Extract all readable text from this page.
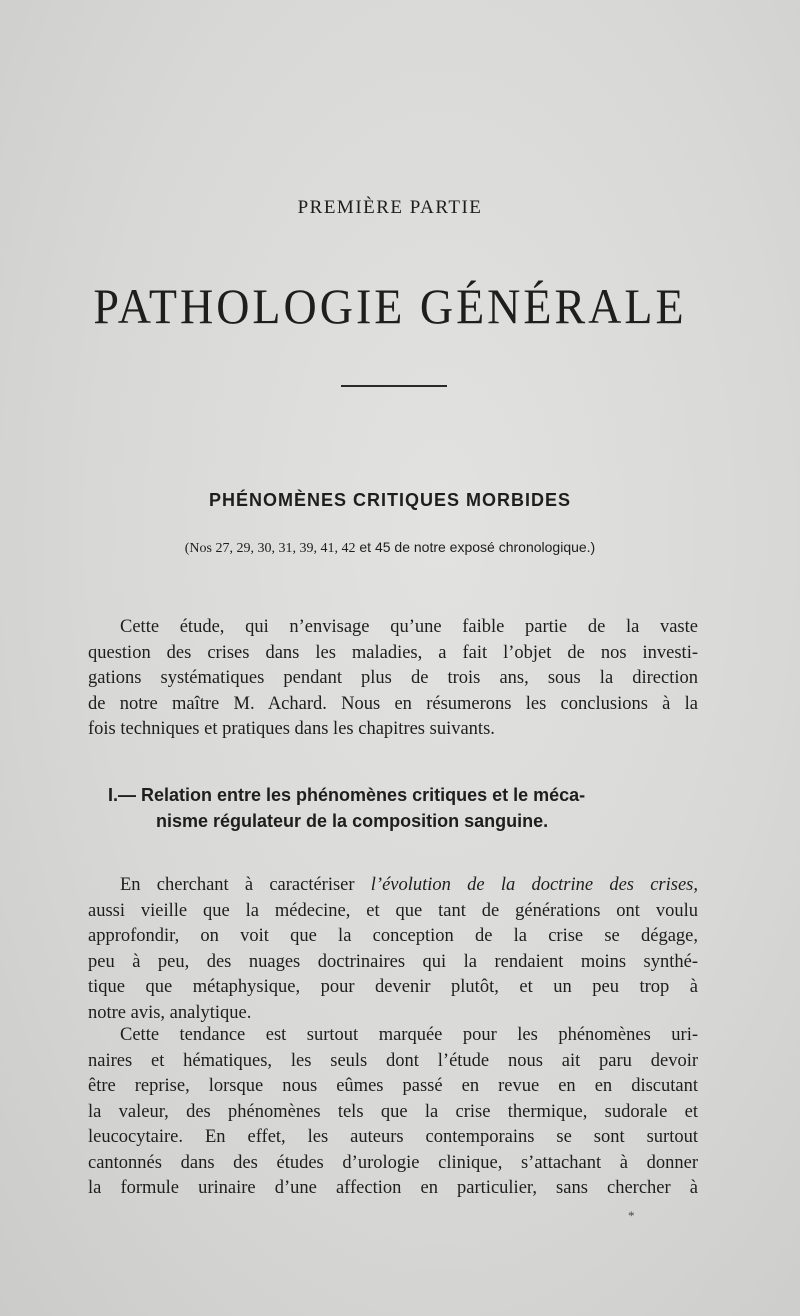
PREMIÈRE PARTIE
PATHOLOGIE GÉNÉRALE
PHÉNOMÈNES CRITIQUES MORBIDES
(Nos 27, 29, 30, 31, 39, 41, 42 et 45 de notre exposé chronologique.)

Cette étude, qui n’envisage qu’une faible partie de la vaste
question des crises dans les maladies, a fait l’objet de nos investi-
gations systématiques pendant plus de trois ans, sous la direction
de notre maître M. Achard. Nous en résumerons les conclusions à la
fois techniques et pratiques dans les chapitres suivants.

I.— Relation entre les phénomènes critiques et le méca-
nisme régulateur de la composition sanguine.

En cherchant à caractériser l’évolution de la doctrine des crises,
aussi vieille que la médecine, et que tant de générations ont voulu
approfondir, on voit que la conception de la crise se dégage,
peu à peu, des nuages doctrinaires qui la rendaient moins synthé-
tique que métaphysique, pour devenir plutôt, et un peu trop à
notre avis, analytique.

Cette tendance est surtout marquée pour les phénomènes uri-
naires et hématiques, les seuls dont l’étude nous ait paru devoir
être reprise, lorsque nous eûmes passé en revue en en discutant
la valeur, des phénomènes tels que la crise thermique, sudorale et
leucocytaire. En effet, les auteurs contemporains se sont surtout
cantonnés dans des études d’urologie clinique, s’attachant à donner
la formule urinaire d’une affection en particulier, sans chercher à

*
